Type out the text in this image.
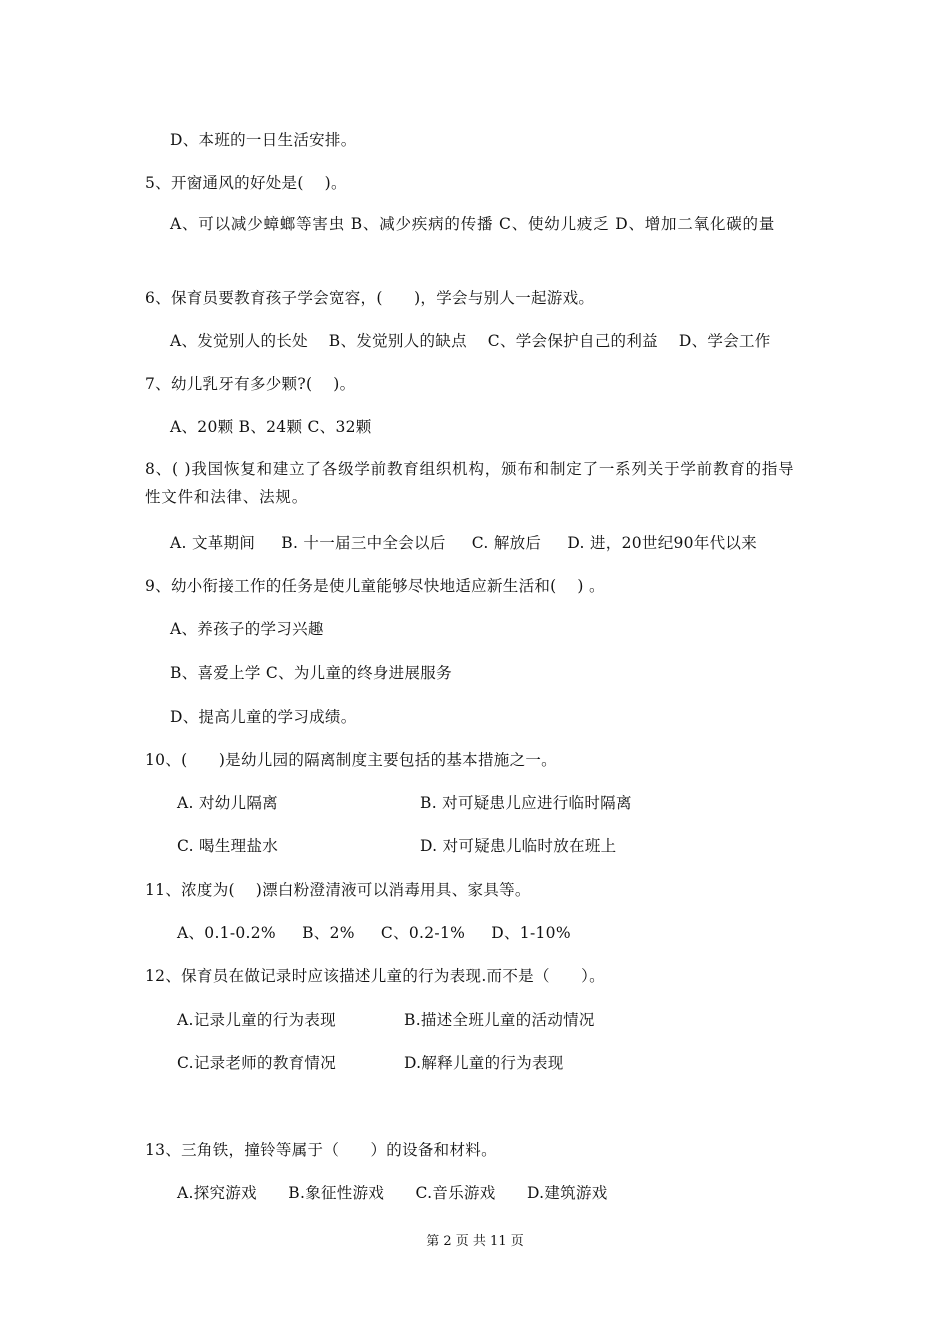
D、本班的一日生活安排。
5、开窗通风的好处是(    )。
A、可以减少蟑螂等害虫 B、减少疾病的传播 C、使幼儿疲乏 D、增加二氧化碳的量
6、保育员要教育孩子学会宽容，(      )，学会与别人一起游戏。
A、发觉别人的长处    B、发觉别人的缺点    C、学会保护自己的利益    D、学会工作
7、幼儿乳牙有多少颗?(    )。
A、20颗 B、24颗 C、32颗
8、( )我国恢复和建立了各级学前教育组织机构，颁布和制定了一系列关于学前教育的指导性文件和法律、法规。
A. 文革期间     B. 十一届三中全会以后     C. 解放后     D. 进，20世纪90年代以来
9、幼小衔接工作的任务是使儿童能够尽快地适应新生活和(    ) 。
A、养孩子的学习兴趣
B、喜爱上学 C、为儿童的终身进展服务
D、提高儿童的学习成绩。
10、(      )是幼儿园的隔离制度主要包括的基本措施之一。
A. 对幼儿隔离	B. 对可疑患儿应进行临时隔离
C. 喝生理盐水	D. 对可疑患儿临时放在班上
11、浓度为(    )漂白粉澄清液可以消毒用具、家具等。
A、0.1-0.2%     B、2%     C、0.2-1%     D、1-10%
12、保育员在做记录时应该描述儿童的行为表现.而不是（      ）。
A.记录儿童的行为表现	B.描述全班儿童的活动情况
C.记录老师的教育情况	D.解释儿童的行为表现
13、三角铁，撞铃等属于（      ）的设备和材料。
A.探究游戏      B.象征性游戏      C.音乐游戏      D.建筑游戏
第 2 页 共 11 页
